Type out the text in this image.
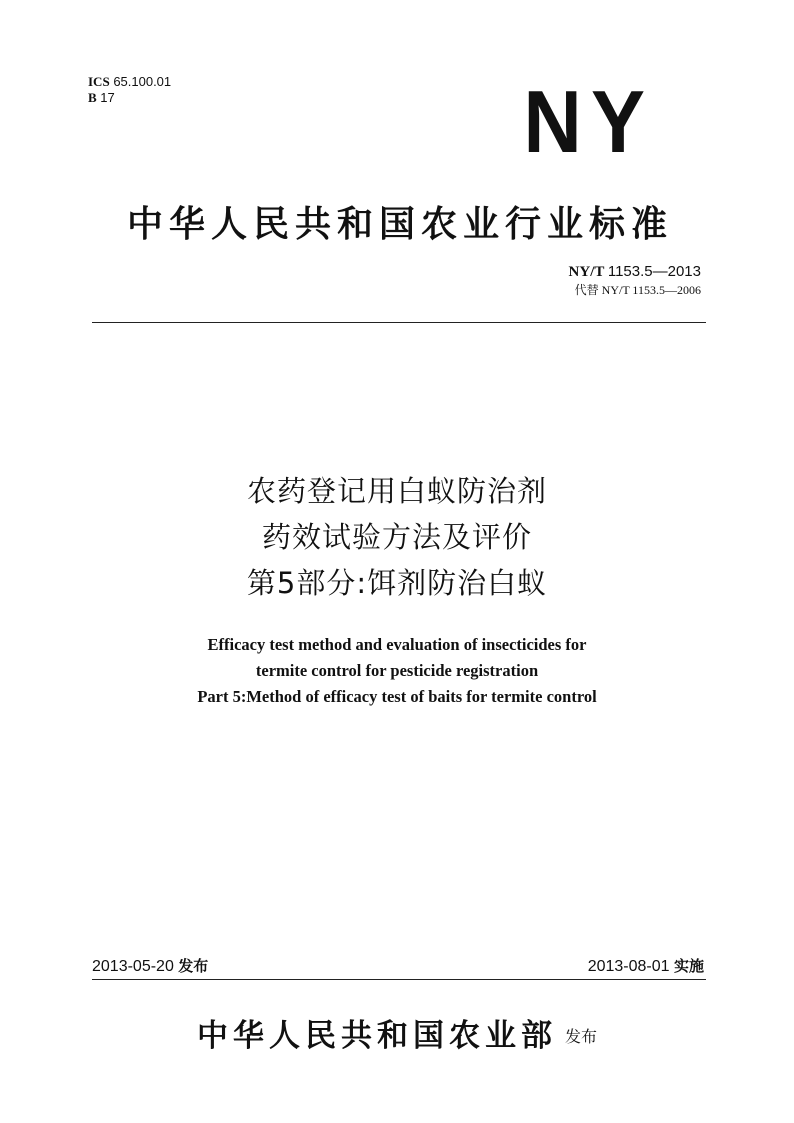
ICS 65.100.01
B 17	NY
中华人民共和国农业行业标准
NY/T 1153.5—2013
代替 NY/T 1153.5—2006
农药登记用白蚁防治剂
药效试验方法及评价
第5部分:饵剂防治白蚁
Efficacy test method and evaluation of insecticides for
termite control for pesticide registration
Part 5:Method of efficacy test of baits for termite control
2013-05-20 发布	2013-08-01 实施
中华人民共和国农业部 发布
